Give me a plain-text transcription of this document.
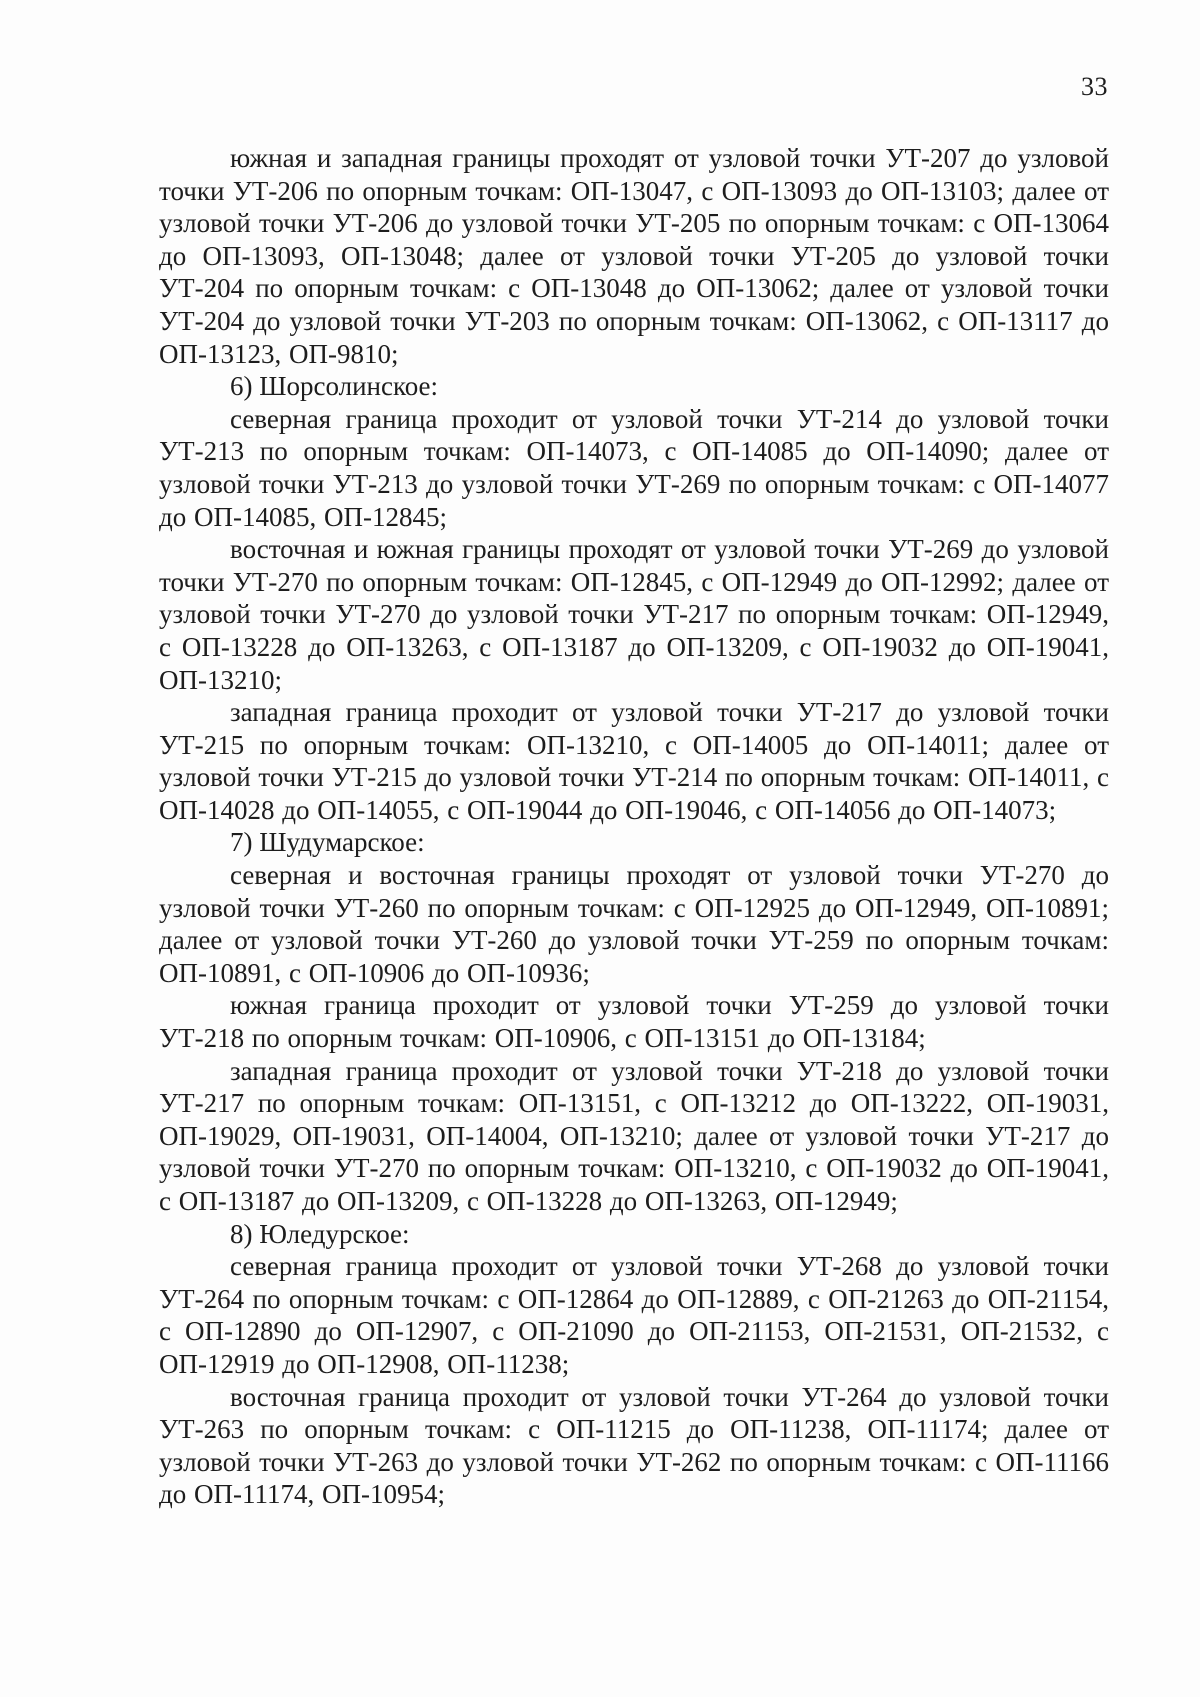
33

южная и западная границы проходят от узловой точки УТ-207 до узловой точки УТ-206 по опорным точкам: ОП-13047, с ОП-13093 до ОП-13103; далее от узловой точки УТ-206 до узловой точки УТ-205 по опорным точкам: с ОП-13064 до ОП-13093, ОП-13048; далее от узловой точки УТ-205 до узловой точки УТ-204 по опорным точкам: с ОП-13048 до ОП-13062; далее от узловой точки УТ-204 до узловой точки УТ-203 по опорным точкам: ОП-13062, с ОП-13117 до ОП-13123, ОП-9810;

6) Шорсолинское:

северная граница проходит от узловой точки УТ-214 до узловой точки УТ-213 по опорным точкам: ОП-14073, с ОП-14085 до ОП-14090; далее от узловой точки УТ-213 до узловой точки УТ-269 по опорным точкам: с ОП-14077 до ОП-14085, ОП-12845;

восточная и южная границы проходят от узловой точки УТ-269 до узловой точки УТ-270 по опорным точкам: ОП-12845, с ОП-12949 до ОП-12992; далее от узловой точки УТ-270 до узловой точки УТ-217 по опорным точкам: ОП-12949, с ОП-13228 до ОП-13263, с ОП-13187 до ОП-13209, с ОП-19032 до ОП-19041, ОП-13210;

западная граница проходит от узловой точки УТ-217 до узловой точки УТ-215 по опорным точкам: ОП-13210, с ОП-14005 до ОП-14011; далее от узловой точки УТ-215 до узловой точки УТ-214 по опорным точкам: ОП-14011, с ОП-14028 до ОП-14055, с ОП-19044 до ОП-19046, с ОП-14056 до ОП-14073;

7) Шудумарское:

северная и восточная границы проходят от узловой точки УТ-270 до узловой точки УТ-260 по опорным точкам: с ОП-12925 до ОП-12949, ОП-10891; далее от узловой точки УТ-260 до узловой точки УТ-259 по опорным точкам: ОП-10891, с ОП-10906 до ОП-10936;

южная граница проходит от узловой точки УТ-259 до узловой точки УТ-218 по опорным точкам: ОП-10906, с ОП-13151 до ОП-13184;

западная граница проходит от узловой точки УТ-218 до узловой точки УТ-217 по опорным точкам: ОП-13151, с ОП-13212 до ОП-13222, ОП-19031, ОП-19029, ОП-19031, ОП-14004, ОП-13210; далее от узловой точки УТ-217 до узловой точки УТ-270 по опорным точкам: ОП-13210, с ОП-19032 до ОП-19041, с ОП-13187 до ОП-13209, с ОП-13228 до ОП-13263, ОП-12949;

8) Юледурское:

северная граница проходит от узловой точки УТ-268 до узловой точки УТ-264 по опорным точкам: с ОП-12864 до ОП-12889, с ОП-21263 до ОП-21154, с ОП-12890 до ОП-12907, с ОП-21090 до ОП-21153, ОП-21531, ОП-21532, с ОП-12919 до ОП-12908, ОП-11238;

восточная граница проходит от узловой точки УТ-264 до узловой точки УТ-263 по опорным точкам: с ОП-11215 до ОП-11238, ОП-11174; далее от узловой точки УТ-263 до узловой точки УТ-262 по опорным точкам: с ОП-11166 до ОП-11174, ОП-10954;
